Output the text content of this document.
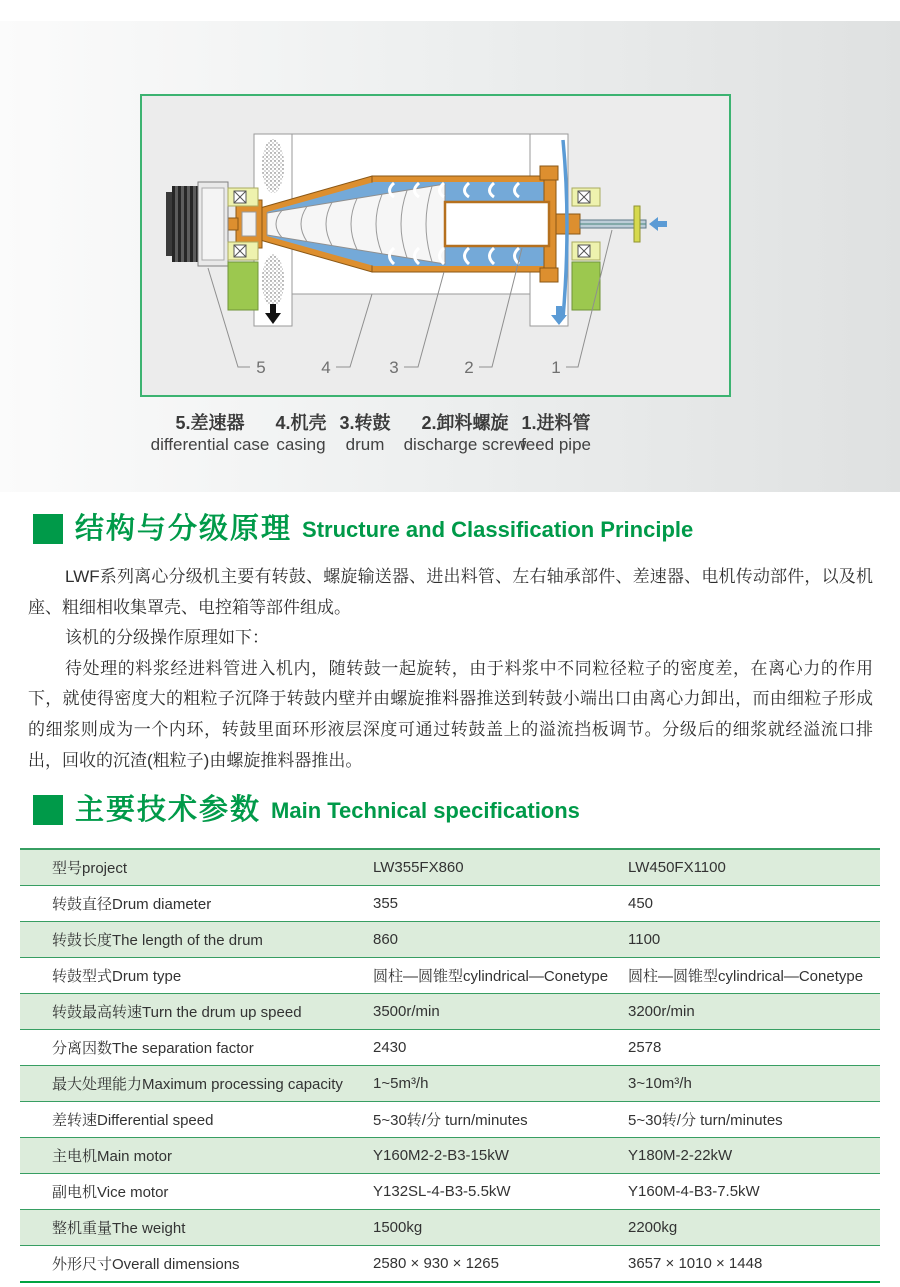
5	4	3	2	1
5.差速器
differential case
4.机壳
casing
3.转鼓
drum
2.卸料螺旋
discharge screw
1.进料管
feed pipe
结构与分级原理 Structure and Classification Principle

LWF系列离心分级机主要有转鼓、螺旋输送器、进出料管、左右轴承部件、差速器、电机传动部件，以及机座、粗细相收集罩壳、电控箱等部件组成。

该机的分级操作原理如下：

待处理的料浆经进料管进入机内，随转鼓一起旋转，由于料浆中不同粒径粒子的密度差，在离心力的作用下，就使得密度大的粗粒子沉降于转鼓内壁并由螺旋推料器推送到转鼓小端出口由离心力卸出，而由细粒子形成的细浆则成为一个内环，转鼓里面环形液层深度可通过转鼓盖上的溢流挡板调节。分级后的细浆就经溢流口排出，回收的沉渣(粗粒子)由螺旋推料器推出。

主要技术参数 Main Technical specifications
型号project	LW355FX860	LW450FX1100
转鼓直径Drum diameter	355	450
转鼓长度The length of the drum	860	1100
转鼓型式Drum type	圆柱—圆锥型cylindrical—Conetype	圆柱—圆锥型cylindrical—Conetype
转鼓最高转速Turn the drum up speed	3500r/min	3200r/min
分离因数The separation factor	2430	2578
最大处理能力Maximum processing capacity	1~5m³/h	3~10m³/h
差转速Differential speed	5~30转/分 turn/minutes	5~30转/分 turn/minutes
主电机Main motor	Y160M2-2-B3-15kW	Y180M-2-22kW
副电机Vice motor	Y132SL-4-B3-5.5kW	Y160M-4-B3-7.5kW
整机重量The weight	1500kg	2200kg
外形尺寸Overall dimensions	2580 × 930 × 1265	3657 × 1010 × 1448
